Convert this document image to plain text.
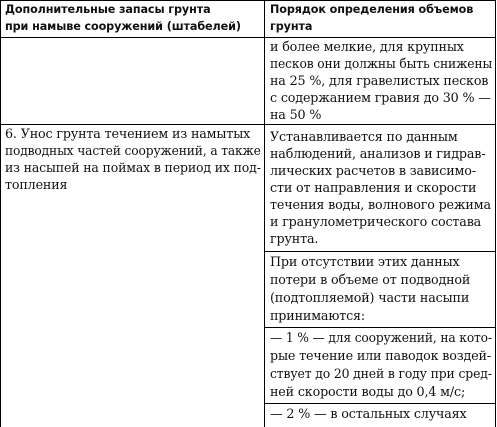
Дополнительные запасы грунта
при намыве сооружений (штабелей)
Порядок определения объемов
грунта
и более мелкие, для крупных
песков они должны быть снижены
на 25 %, для гравелистых песков
с содержанием гравия до 30 % —
на 50 %
6. Унос грунта течением из намытых
подводных частей сооружений, а также
из насыпей на поймах в период их под-
топления
Устанавливается по данным
наблюдений, анализов и гидрав-
лических расчетов в зависимо-
сти от направления и скорости
течения воды, волнового режима
и гранулометрического состава
грунта.
При отсутствии этих данных
потери в объеме от подводной
(подтопляемой) части насыпи
принимаются:
— 1 % — для сооружений, на кото-
рые течение или паводок воздей-
ствует до 20 дней в году при сред-
ней скорости воды до 0,4 м/с;
— 2 % — в остальных случаях
